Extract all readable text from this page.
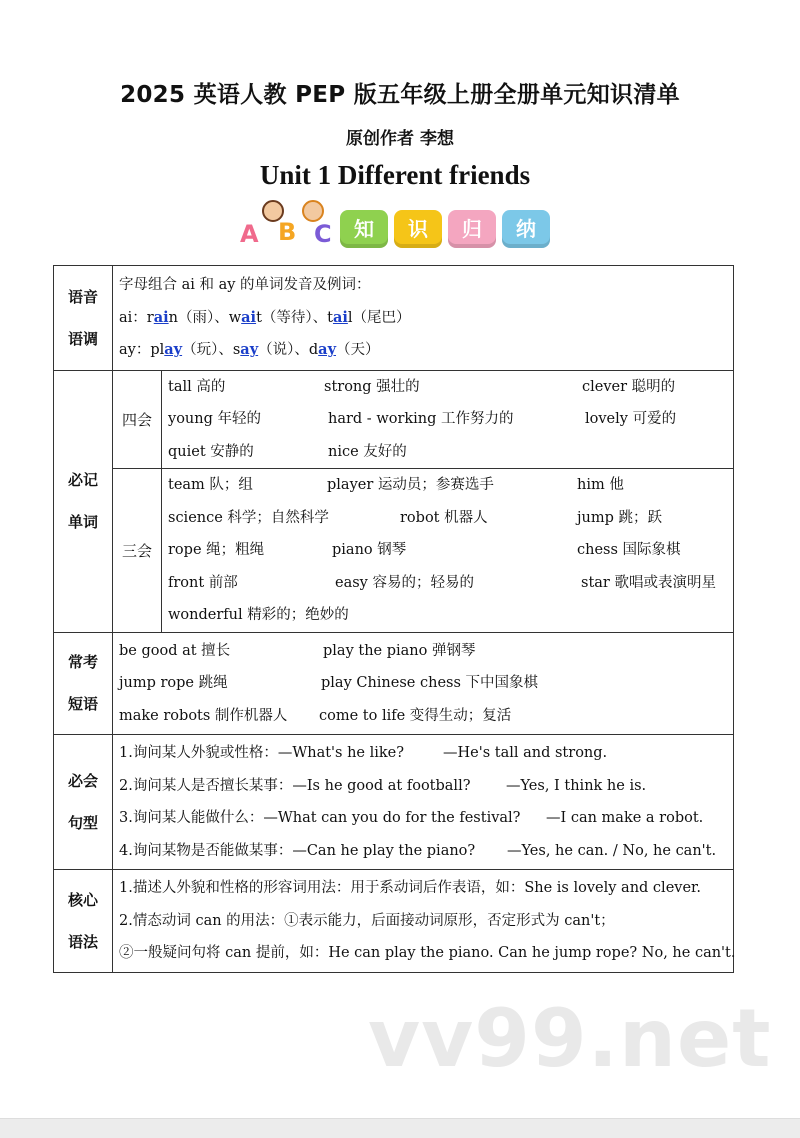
2025 英语人教 PEP 版五年级上册全册单元知识清单
原创作者 李想
Unit 1 Different friends
A B C	知	识	归	纳
语音
语调

字母组合 ai 和 ay 的单词发音及例词：
ai：rain（雨）、wait（等待）、tail（尾巴）
ay：play（玩）、say（说）、day（天）

必记
单词

四会	
tall 高的	strong 强壮的	clever 聪明的
young 年轻的	hard - working 工作努力的	lovely 可爱的
quiet 安静的	nice 友好的

三会	
team 队；组	player 运动员；参赛选手	him 他
science 科学；自然科学	robot 机器人	jump 跳；跃
rope 绳；粗绳	piano 钢琴	chess 国际象棋
front 前部	easy 容易的；轻易的	star 歌唱或表演明星
wonderful 精彩的；绝妙的

常考
短语

be good at 擅长	play the piano 弹钢琴
jump rope 跳绳	play Chinese chess 下中国象棋
make robots 制作机器人 come to life 变得生动；复活

必会
句型

1.询问某人外貌或性格：—What's he like?	—He's tall and strong.
2.询问某人是否擅长某事：—Is he good at football? —Yes, I think he is.
3.询问某人能做什么：—What can you do for the festival? —I can make a robot.
4.询问某物是否能做某事：—Can he play the piano? —Yes, he can. / No, he can't.

核心
语法

1.描述人外貌和性格的形容词用法：用于系动词后作表语，如：She is lovely and clever.
2.情态动词 can 的用法：①表示能力，后面接动词原形，否定形式为 can't；
②一般疑问句将 can 提前，如：He can play the piano. Can he jump rope? No, he can't.
vv99.net
